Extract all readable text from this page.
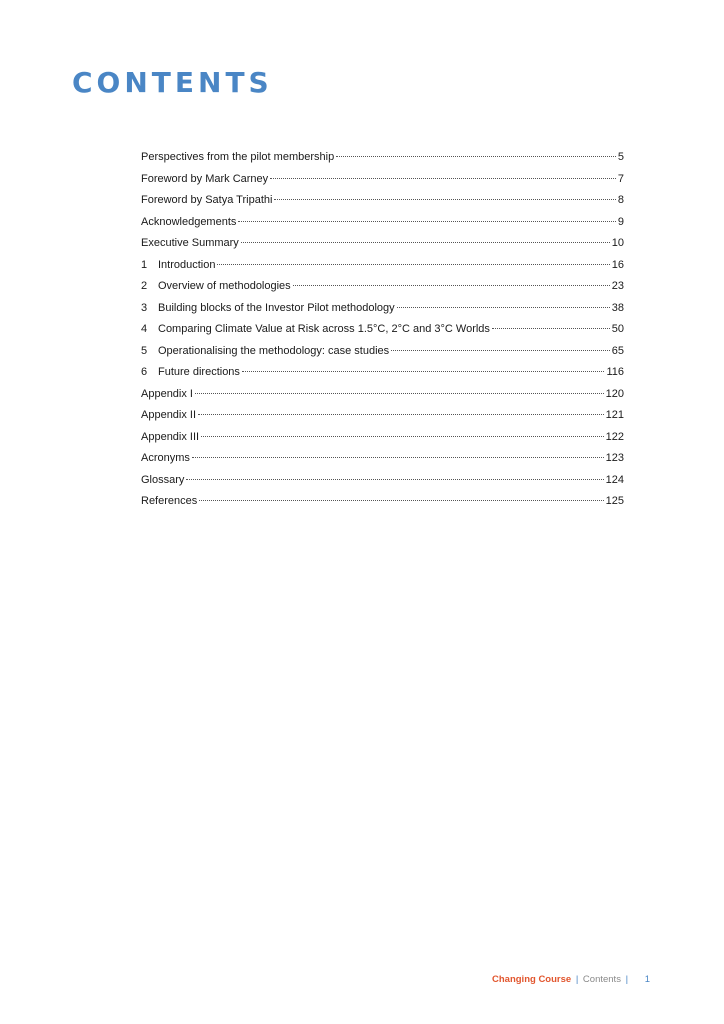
CONTENTS
Perspectives from the pilot membership	5
Foreword by Mark Carney	7
Foreword by Satya Tripathi	8
Acknowledgements	9
Executive Summary	10
1 Introduction	16
2 Overview of methodologies	23
3 Building blocks of the Investor Pilot methodology	38
4 Comparing Climate Value at Risk across 1.5°C, 2°C and 3°C Worlds	50
5 Operationalising the methodology: case studies	65
6 Future directions	116
Appendix I	120
Appendix II	121
Appendix III	122
Acronyms	123
Glossary	124
References	125
Changing Course | Contents | 1
